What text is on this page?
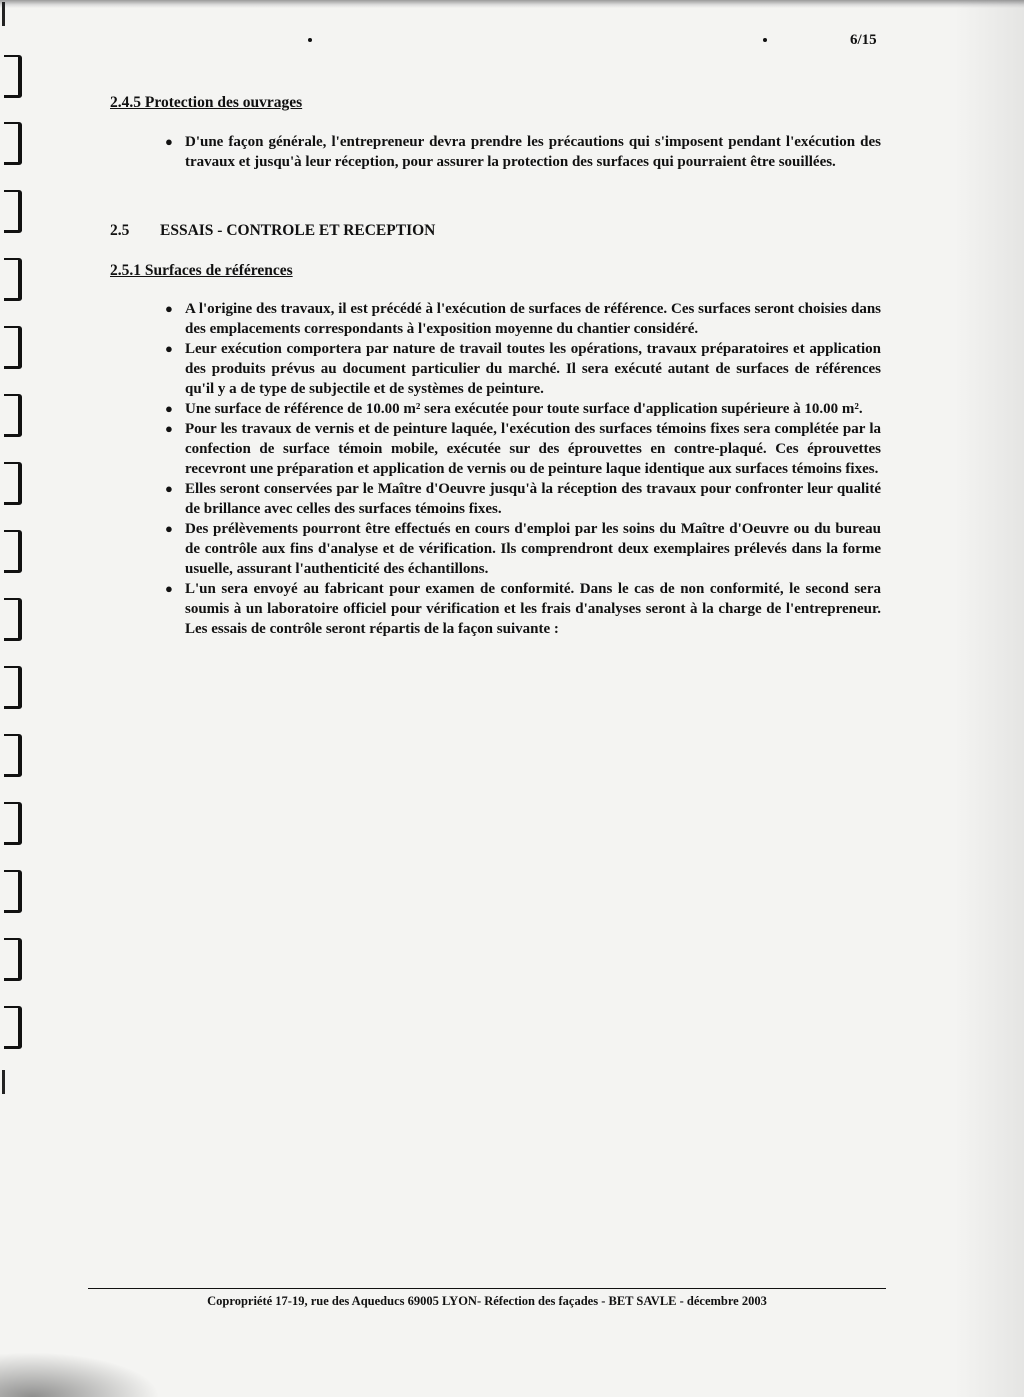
6/15
2.4.5 Protection des ouvrages
● D'une façon générale, l'entrepreneur devra prendre les précautions qui s'imposent pendant l'exécution des travaux et jusqu'à leur réception, pour assurer la protection des surfaces qui pourraient être souillées.
2.5 ESSAIS - CONTROLE ET RECEPTION
2.5.1 Surfaces de références
● A l'origine des travaux, il est précédé à l'exécution de surfaces de référence. Ces surfaces seront choisies dans des emplacements correspondants à l'exposition moyenne du chantier considéré.
● Leur exécution comportera par nature de travail toutes les opérations, travaux préparatoires et application des produits prévus au document particulier du marché. Il sera exécuté autant de surfaces de références qu'il y a de type de subjectile et de systèmes de peinture.
● Une surface de référence de 10.00 m² sera exécutée pour toute surface d'application supérieure à 10.00 m².
● Pour les travaux de vernis et de peinture laquée, l'exécution des surfaces témoins fixes sera complétée par la confection de surface témoin mobile, exécutée sur des éprouvettes en contre-plaqué. Ces éprouvettes recevront une préparation et application de vernis ou de peinture laque identique aux surfaces témoins fixes.
● Elles seront conservées par le Maître d'Oeuvre jusqu'à la réception des travaux pour confronter leur qualité de brillance avec celles des surfaces témoins fixes.
● Des prélèvements pourront être effectués en cours d'emploi par les soins du Maître d'Oeuvre ou du bureau de contrôle aux fins d'analyse et de vérification. Ils comprendront deux exemplaires prélevés dans la forme usuelle, assurant l'authenticité des échantillons.
● L'un sera envoyé au fabricant pour examen de conformité. Dans le cas de non conformité, le second sera soumis à un laboratoire officiel pour vérification et les frais d'analyses seront à la charge de l'entrepreneur. Les essais de contrôle seront répartis de la façon suivante :
Copropriété 17-19, rue des Aqueducs 69005 LYON- Réfection des façades - BET SAVLE - décembre 2003
